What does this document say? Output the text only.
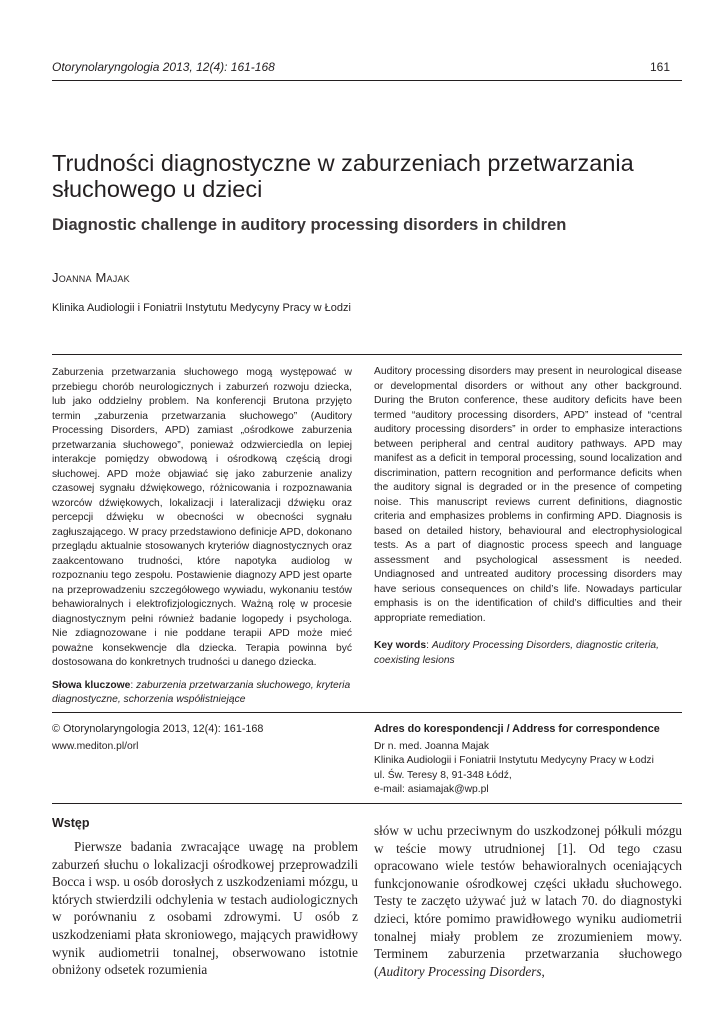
Otorynolaryngologia 2013, 12(4): 161-168	161
Trudności diagnostyczne w zaburzeniach przetwarzania słuchowego u dzieci
Diagnostic challenge in auditory processing disorders in children
Joanna Majak
Klinika Audiologii i Foniatrii Instytutu Medycyny Pracy w Łodzi

Zaburzenia przetwarzania słuchowego mogą występować w przebiegu chorób neurologicznych i zaburzeń rozwoju dziecka, lub jako oddzielny problem. Na konferencji Brutona przyjęto termin „zaburzenia przetwarzania słuchowego” (Auditory Processing Disorders, APD) zamiast „ośrodkowe zaburzenia przetwarzania słuchowego”, ponieważ odzwierciedla on lepiej interakcje pomiędzy obwodową i ośrodkową częścią drogi słuchowej. APD może objawiać się jako zaburzenie analizy czasowej sygnału dźwiękowego, różnicowania i rozpoznawania wzorców dźwiękowych, lokalizacji i lateralizacji dźwięku oraz percepcji dźwięku w obecności w obecności sygnału zagłuszającego. W pracy przedstawiono definicje APD, dokonano przeglądu aktualnie stosowanych kryteriów diagnostycznych oraz zaakcentowano trudności, które napotyka audiolog w rozpoznaniu tego zespołu. Postawienie diagnozy APD jest oparte na przeprowadzeniu szczegółowego wywiadu, wykonaniu testów behawioralnych i elektrofizjologicznych. Ważną rolę w procesie diagnostycznym pełni również badanie logopedy i psychologa. Nie zdiagnozowane i nie poddane terapii APD może mieć poważne konsekwencje dla dziecka. Terapia powinna być dostosowana do konkretnych trudności u danego dziecka.

Słowa kluczowe: zaburzenia przetwarzania słuchowego, kryteria diagnostyczne, schorzenia współistniejące

Auditory processing disorders may present in neurological disease or developmental disorders or without any other background. During the Bruton conference, these auditory deficits have been termed “auditory processing disorders, APD” instead of “central auditory processing disorders” in order to emphasize interactions between peripheral and central auditory pathways. APD may manifest as a deficit in temporal processing, sound localization and discrimination, pattern recognition and performance deficits when the auditory signal is degraded or in the presence of competing noise. This manuscript reviews current definitions, diagnostic criteria and emphasizes problems in confirming APD. Diagnosis is based on detailed history, behavioural and electrophysiological tests. As a part of diagnostic process speech and language assessment and psychological assessment is needed. Undiagnosed and untreated auditory processing disorders may have serious consequences on child’s life. Nowadays particular emphasis is on the identification of child’s difficulties and their appropriate remediation.

Key words: Auditory Processing Disorders, diagnostic criteria, coexisting lesions
© Otorynolaryngologia 2013, 12(4): 161-168
www.mediton.pl/orl
Adres do korespondencji / Address for correspondence
Dr n. med. Joanna Majak
Klinika Audiologii i Foniatrii Instytutu Medycyny Pracy w Łodzi
ul. Św. Teresy 8, 91-348 Łódź,
e-mail: asiamajak@wp.pl
Wstęp

Pierwsze badania zwracające uwagę na problem zaburzeń słuchu o lokalizacji ośrodkowej przeprowadzili Bocca i wsp. u osób dorosłych z uszkodzeniami mózgu, u których stwierdzili odchylenia w testach audiologicznych w porównaniu z osobami zdrowymi. U osób z uszkodzeniami płata skroniowego, mających prawidłowy wynik audiometrii tonalnej, obserwowano istotnie obniżony odsetek rozumienia

słów w uchu przeciwnym do uszkodzonej półkuli mózgu w teście mowy utrudnionej [1]. Od tego czasu opracowano wiele testów behawioralnych oceniających funkcjonowanie ośrodkowej części układu słuchowego. Testy te zaczęto używać już w latach 70. do diagnostyki dzieci, które pomimo prawidłowego wyniku audiometrii tonalnej miały problem ze zrozumieniem mowy. Terminem zaburzenia przetwarzania słuchowego (Auditory Processing Disorders,
